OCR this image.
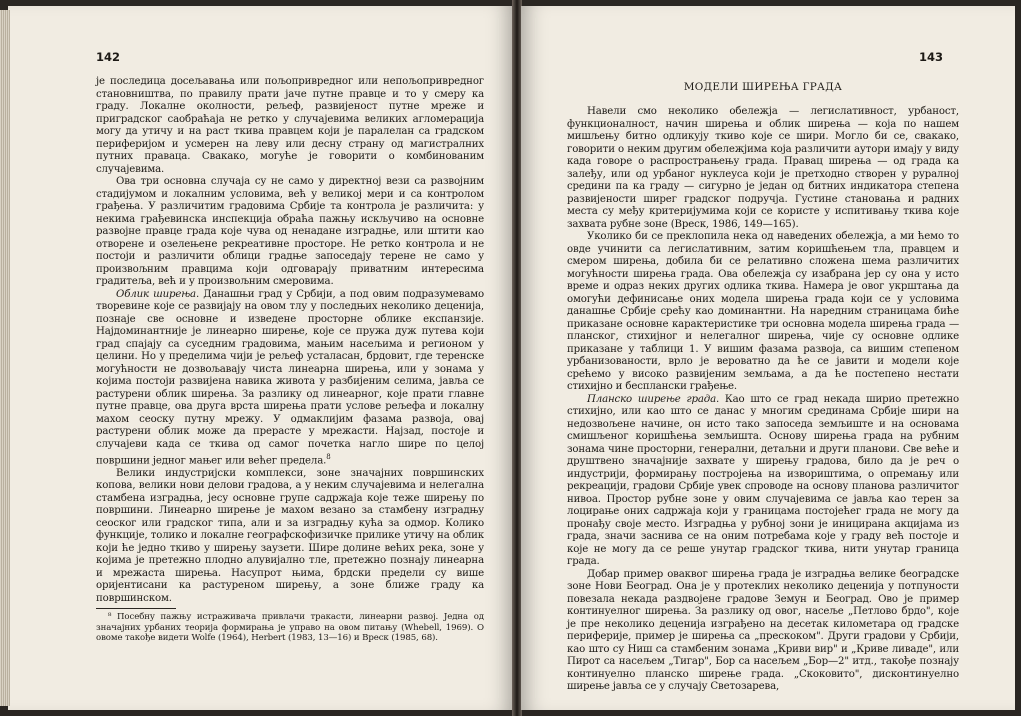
142

је последица досељавања или пољопривредног или непољопривредног становништва, по правилу прати јаче путне правце и то у смеру ка граду. Локалне околности, рељеф, развијеност путне мреже и приградског саобраћаја не ретко у случајевима великих агломерација могу да утичу и на раст ткива правцем који је паралелан са градском периферијом и усмерен на леву или десну страну од магистралних путних праваца. Свакако, могуће је говорити о комбинованим случајевима.

Ова три основна случаја су не само у директној вези са развојним стадијумом и локалним условима, већ у великој мери и са контролом грађења. У различитим градовима Србије та контрола је различита: у некима грађевинска инспекција обраћа пажњу искључиво на основне развојне правце града које чува од ненадане изградње, или штити као отворене и озелењене рекреативне просторе. Не ретко контрола и не постоји и различити облици градње запоседају терене не само у произвољним правцима који одговарају приватним интересима градитеља, већ и у произвољним смеровима.

Облик ширења. Данашњи град у Србији, а под овим подразумевамо творевине које се развијају на овом тлу у последњих неколико деценија, познаје све основне и изведене просторне облике експанзије. Најдоминантније је линеарно ширење, које се пружа дуж путева који град спајају са суседним градовима, мањим насељима и регионом у целини. Но у пределима чији је рељеф усталасан, брдовит, где теренске могућности не дозвољавају чиста линеарна ширења, или у зонама у којима постоји развијена навика живота у разбијеним селима, јавља се растурени облик ширења. За разлику од линеарног, које прати главне путне правце, ова друга врста ширења прати услове рељефа и локалну махом сеоску путну мрежу. У одмаклијим фазама развоја, овај растурени облик може да прерасте у мрежасти. Најзад, постоје и случајеви када се ткива од самог почетка нагло шире по целој површини једног мањег или већег предела.$^8$

Велики индустријски комплекси, зоне значајних површинских копова, велики нови делови градова, а у неким случајевима и нелегална стамбена изградња, јесу основне групе садржаја које теже ширењу по површини. Линеарно ширење је махом везано за стамбену изградњу сеоског или градског типа, али и за изградњу кућа за одмор. Колико функције, толико и локалне географскофизичке прилике утичу на облик који ће једно ткиво у ширењу заузети. Шире долине већих река, зоне у којима је претежно плодно алувијално тле, претежно познају линеарна и мрежаста ширења. Насупрот њима, брдски предели су више оријентисани ка растуреном ширењу, а зоне ближе граду ка површинском.

⁸ Посебну пажњу истраживача привлачи тракасти, линеарни развој. Једна од значајних урбаних теорија формирања је управо на овом питању (Whebell, 1969). О овоме такође видети Wolfe (1964), Herbert (1983, 13—16) и Вреск (1985, 68).
143
МОДЕЛИ ШИРЕЊА ГРАДА

Навели смо неколико обележја — легислативност, урбаност, функционалност, начин ширења и облик ширења — која по нашем мишљењу битно одликују ткиво које се шири. Могло би се, свакако, говорити о неким другим обележјима која различити аутори имају у виду када говоре о распрострањењу града. Правац ширења — од града ка залеђу, или од урбаног нуклеуса који је претходно створен у руралној средини па ка граду — сигурно је један од битних индикатора степена развијености ширег градског подручја. Густине становања и радних места су међу критеријумима који се користе у испитивању ткива које захвата рубне зоне (Вреск, 1986, 149—165).

Уколико би се преклопила нека од наведених обележја, а ми ћемо то овде учинити са легислативним, затим коришћењем тла, правцем и смером ширења, добила би се релативно сложена шема различитих могућности ширења града. Ова обележја су изабрана јер су она у исто време и одраз неких других одлика ткива. Намера је овог укрштања да омогући дефинисање оних модела ширења града који се у условима данашње Србије срећу као доминантни. На наредним страницама биће приказане основне карактеристике три основна модела ширења града — планског, стихијног и нелегалног ширења, чије су основне одлике приказане у таблици 1. У вишим фазама развоја, са вишим степеном урбанизованости, врло је вероватно да ће се јавити и модели које срећемо у високо развијеним земљама, а да ће постепено нестати стихијно и бесплански грађење.

Планско ширење града. Као што се град некада ширио претежно стихијно, или као што се данас у многим срединама Србије шири на недозвољене начине, он исто тако запоседа земљиште и на основама смишљеног коришћења земљишта. Основу ширења града на рубним зонама чине просторни, генерални, детаљни и други планови. Све веће и друштвено значајније захвате у ширењу градова, било да је реч о индустрији, формирању постројења на извориштима, о опремању или рекреацији, градови Србије увек спроводе на основу планова различитог нивоа. Простор рубне зоне у овим случајевима се јавља као терен за лоцирање оних садржаја који у границама постојећег града не могу да пронађу своје место. Изградња у рубној зони је иницирана акцијама из града, значи заснива се на оним потребама које у граду већ постоје и које не могу да се реше унутар градског ткива, нити унутар граница града.

Добар пример оваквог ширења града је изградња велике београдске зоне Нови Београд. Она је у протеклих неколико деценија у потпуности повезала некада раздвојене градове Земун и Београд. Ово је пример континуелног ширења. За разлику од овог, насеље „Петлово брдо", које је пре неколико деценија изграђено на десетак километара од градске периферије, пример је ширења са „прескоком". Други градови у Србији, као што су Ниш са стамбеним зонама „Криви вир" и „Криве ливаде", или Пирот са насељем „Тигар", Бор са насељем „Бор—2" итд., такође познају континуелно планско ширење града. „Скоковито", дисконтинуелно ширење јавља се у случају Светозарева,
